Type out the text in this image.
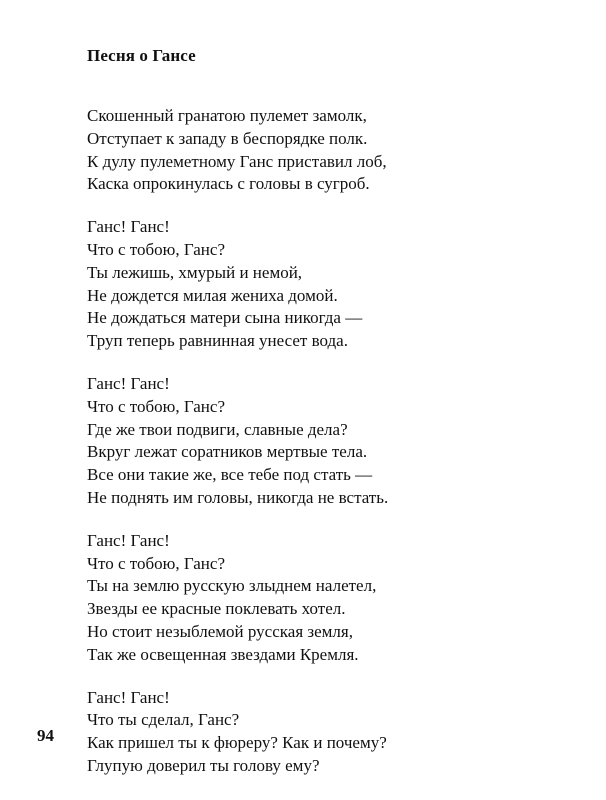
Песня о Гансе
Скошенный гранатою пулемет замолк,
Отступает к западу в беспорядке полк.
К дулу пулеметному Ганс приставил лоб,
Каска опрокинулась с головы в сугроб.
Ганс! Ганс!
Что с тобою, Ганс?
Ты лежишь, хмурый и немой,
Не дождется милая жениха домой.
Не дождаться матери сына никогда —
Труп теперь равнинная унесет вода.
Ганс! Ганс!
Что с тобою, Ганс?
Где же твои подвиги, славные дела?
Вкруг лежат соратников мертвые тела.
Все они такие же, все тебе под стать —
Не поднять им головы, никогда не встать.
Ганс! Ганс!
Что с тобою, Ганс?
Ты на землю русскую злыднем налетел,
Звезды ее красные поклевать хотел.
Но стоит незыблемой русская земля,
Так же освещенная звездами Кремля.
Ганс! Ганс!
Что ты сделал, Ганс?
Как пришел ты к фюреру? Как и почему?
Глупую доверил ты голову ему?
94
